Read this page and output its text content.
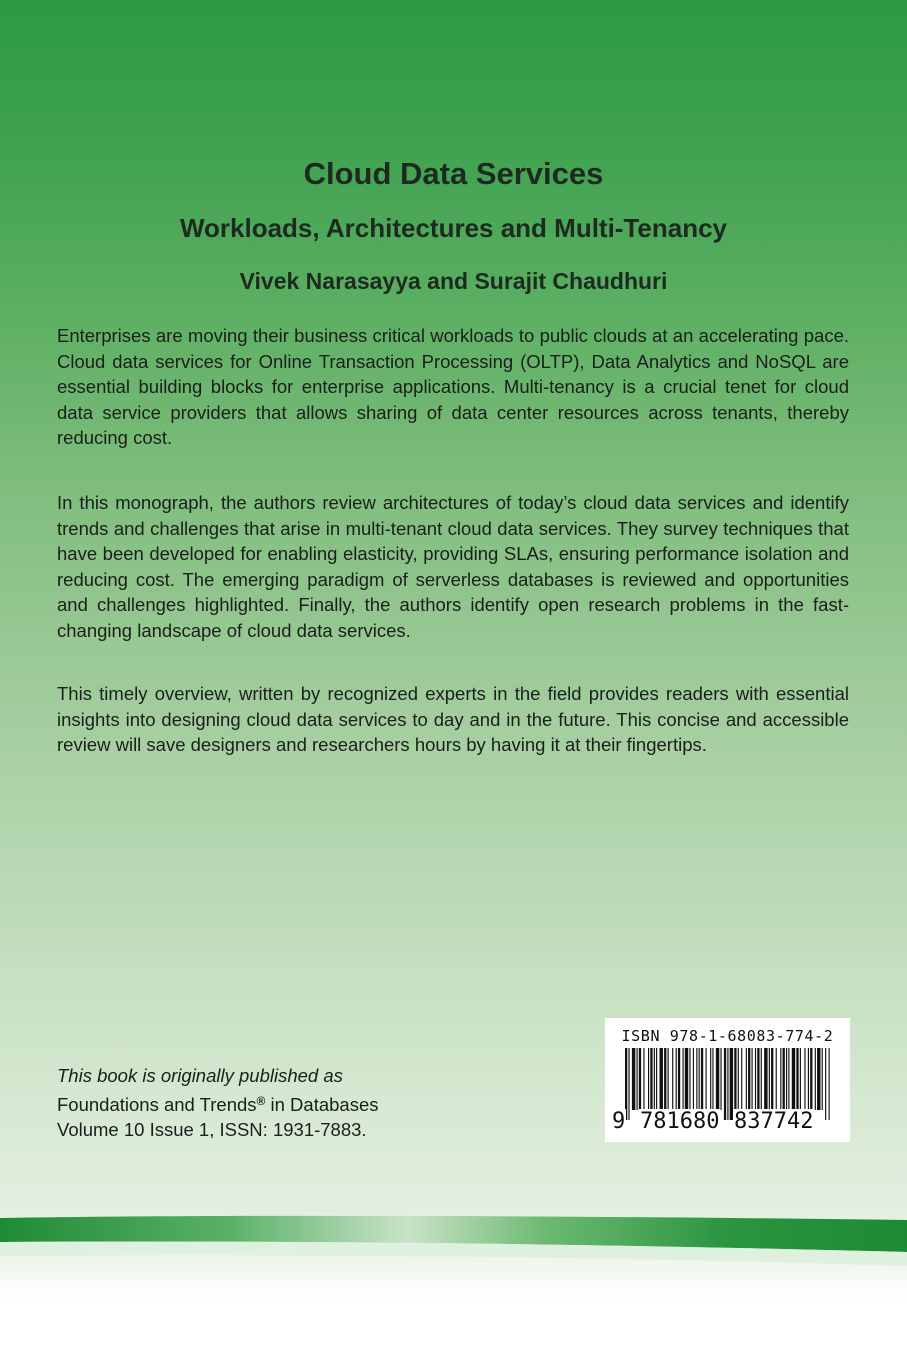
Cloud Data Services
Workloads, Architectures and Multi-Tenancy
Vivek Narasayya and Surajit Chaudhuri

Enterprises are moving their business critical workloads to public clouds at an accelerating pace. Cloud data services for Online Transaction Processing (OLTP), Data Analytics and NoSQL are essential building blocks for enterprise applications. Multi-tenancy is a crucial tenet for cloud data service providers that allows sharing of data center resources across tenants, thereby reducing cost.

In this monograph, the authors review architectures of today’s cloud data services and identify trends and challenges that arise in multi-tenant cloud data services. They survey techniques that have been developed for enabling elasticity, providing SLAs, ensuring performance isolation and reducing cost. The emerging paradigm of serverless databases is reviewed and opportunities and challenges highlighted. Finally, the authors identify open research problems in the fast-changing landscape of cloud data services.

This timely overview, written by recognized experts in the field provides readers with essential insights into designing cloud data services to day and in the future. This concise and accessible review will save designers and researchers hours by having it at their fingertips.

This book is originally published as
Foundations and Trends® in Databases
Volume 10 Issue 1, ISSN: 1931-7883.
ISBN 978-1-68083-774-2
9 781680 837742
